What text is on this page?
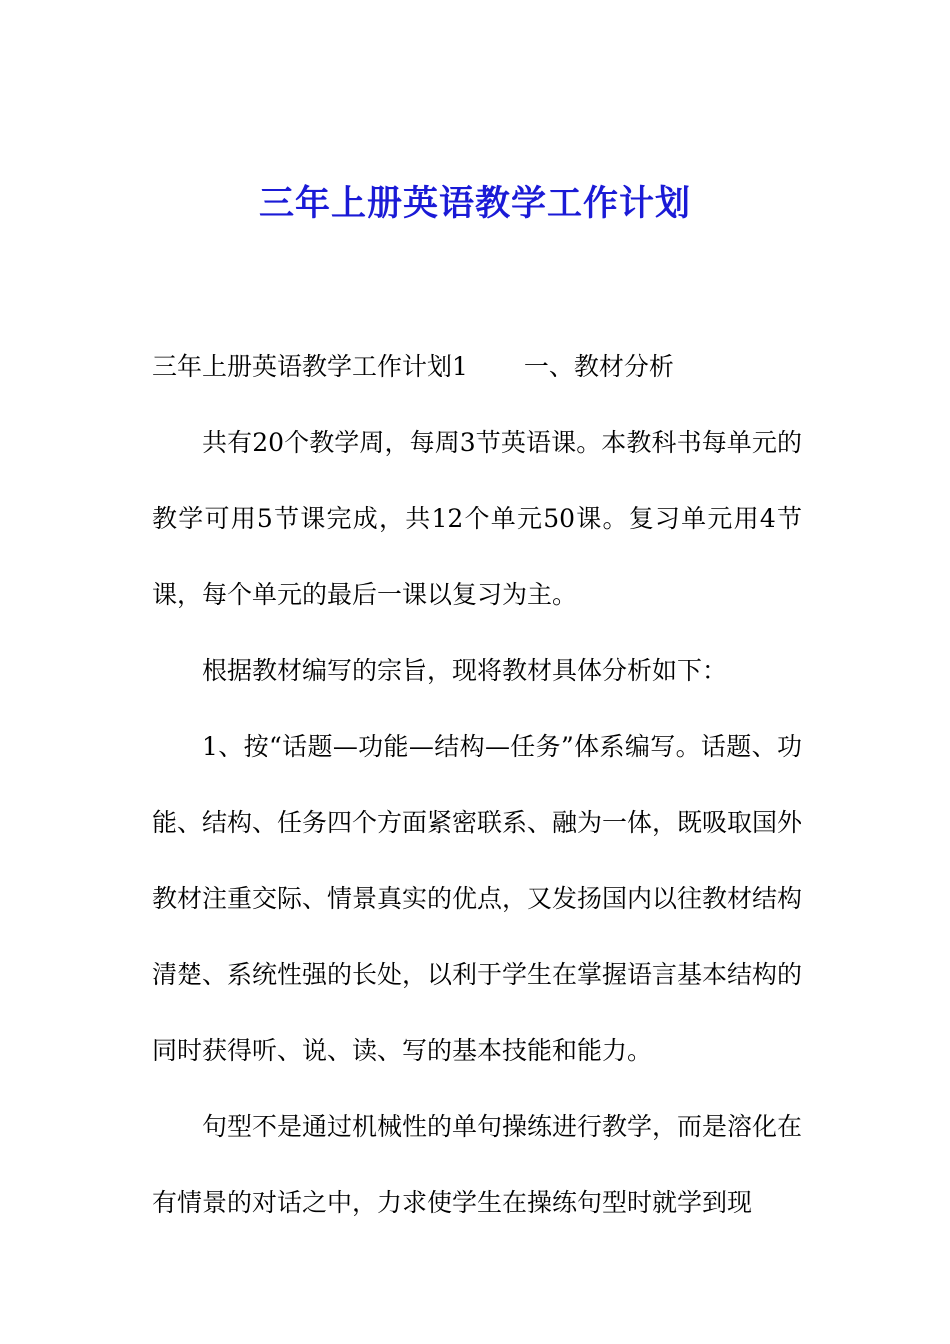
三年上册英语教学工作计划

三年上册英语教学工作计划1 一、教材分析

共有20个教学周，每周3节英语课。本教科书每单元的教学可用5节课完成，共12个单元50课。复习单元用4节课，每个单元的最后一课以复习为主。

根据教材编写的宗旨，现将教材具体分析如下：

1、按“话题—功能—结构—任务”体系编写。话题、功能、结构、任务四个方面紧密联系、融为一体，既吸取国外教材注重交际、情景真实的优点，又发扬国内以往教材结构清楚、系统性强的长处，以利于学生在掌握语言基本结构的同时获得听、说、读、写的基本技能和能力。

句型不是通过机械性的单句操练进行教学，而是溶化在有情景的对话之中，力求使学生在操练句型时就学到现
